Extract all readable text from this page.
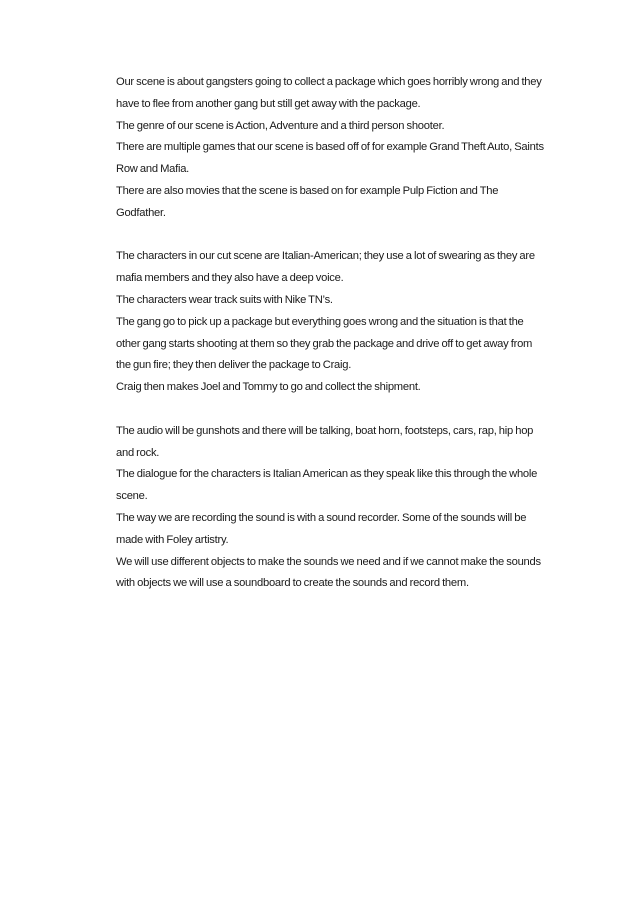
Our scene is about gangsters going to collect a package which goes horribly wrong and they

have to flee from another gang but still get away with the package.

The genre of our scene is Action, Adventure and a third person shooter.

There are multiple games that our scene is based off of for example Grand Theft Auto, Saints

Row and Mafia.

There are also movies that the scene is based on for example Pulp Fiction and The

Godfather.

The characters in our cut scene are Italian-American; they use a lot of swearing as they are

mafia members and they also have a deep voice.

The characters wear track suits with Nike TN’s.

The gang go to pick up a package but everything goes wrong and the situation is that the

other gang starts shooting at them so they grab the package and drive off to get away from

the gun fire; they then deliver the package to Craig.

Craig then makes Joel and Tommy to go and collect the shipment.

The audio will be gunshots and there will be talking, boat horn, footsteps, cars, rap, hip hop

and rock.

The dialogue for the characters is Italian American as they speak like this through the whole

scene.

The way we are recording the sound is with a sound recorder. Some of the sounds will be

made with Foley artistry.

We will use different objects to make the sounds we need and if we cannot make the sounds

with objects we will use a soundboard to create the sounds and record them.
